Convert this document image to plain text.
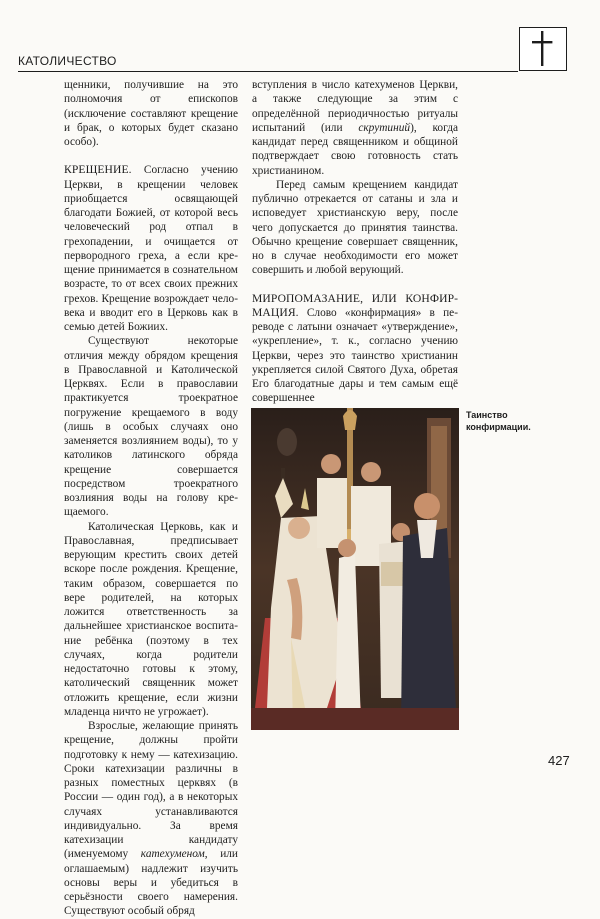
КАТОЛИЧЕСТВО

щенники, получившие на это полномочия от епископов (исключение составляют крещение и брак, о которых будет сказано особо).

КРЕЩЕНИЕ. Согласно учению Церкви, в крещении человек приобщается освящающей благодати Божией, от которой весь человеческий род отпал в грехопадении, и очищается от первородного греха, а если крещение принимается в сознательном возрасте, то от всех своих прежних грехов. Крещение возрождает человека и вводит его в Церковь как в семью детей Божиих.

Существуют некоторые отличия между обрядом крещения в Православной и Католической Церквях. Если в православии практикуется троекратное погружение крещаемого в воду (лишь в особых случаях оно заменяется возлиянием воды), то у католиков латинского обряда крещение совершается посредством троекратного возлияния воды на голову крещаемого.

Католическая Церковь, как и Православная, предписывает верующим крестить своих детей вскоре после рождения. Крещение, таким образом, совершается по вере родителей, на которых ложится ответственность за дальнейшее христианское воспитание ребёнка (поэтому в тех случаях, когда родители недостаточно готовы к этому, католический священник может отложить крещение, если жизни младенца ничто не угрожает).

Взрослые, желающие принять крещение, должны пройти подготовку к нему — катехизацию. Сроки катехизации различны в разных поместных церквях (в России — один год), а в некоторых случаях устанавливаются индивидуально. За время катехизации кандидату (именуемому катехуменом, или оглашаемым) надлежит изучить основы веры и убедиться в серьёзности своего намерения. Существуют особый обряд

вступления в число катехуменов Церкви, а также следующие за этим с определённой периодичностью ритуалы испытаний (или скрутиний), когда кандидат перед священником и общиной подтверждает свою готовность стать христианином.

Перед самым крещением кандидат публично отрекается от сатаны и зла и исповедует христианскую веру, после чего допускается до принятия таинства. Обычно крещение совершает священник, но в случае необходимости его может совершить и любой верующий.

МИРОПОМАЗАНИЕ, ИЛИ КОНФИРМАЦИЯ. Слово «конфирмация» в переводе с латыни означает «утверждение», «укрепление», т. к., согласно учению Церкви, через это таинство христианин укрепляется силой Святого Духа, обретая Его благодатные дары и тем самым ещё совершеннее

Таинство конфирмации.
427
